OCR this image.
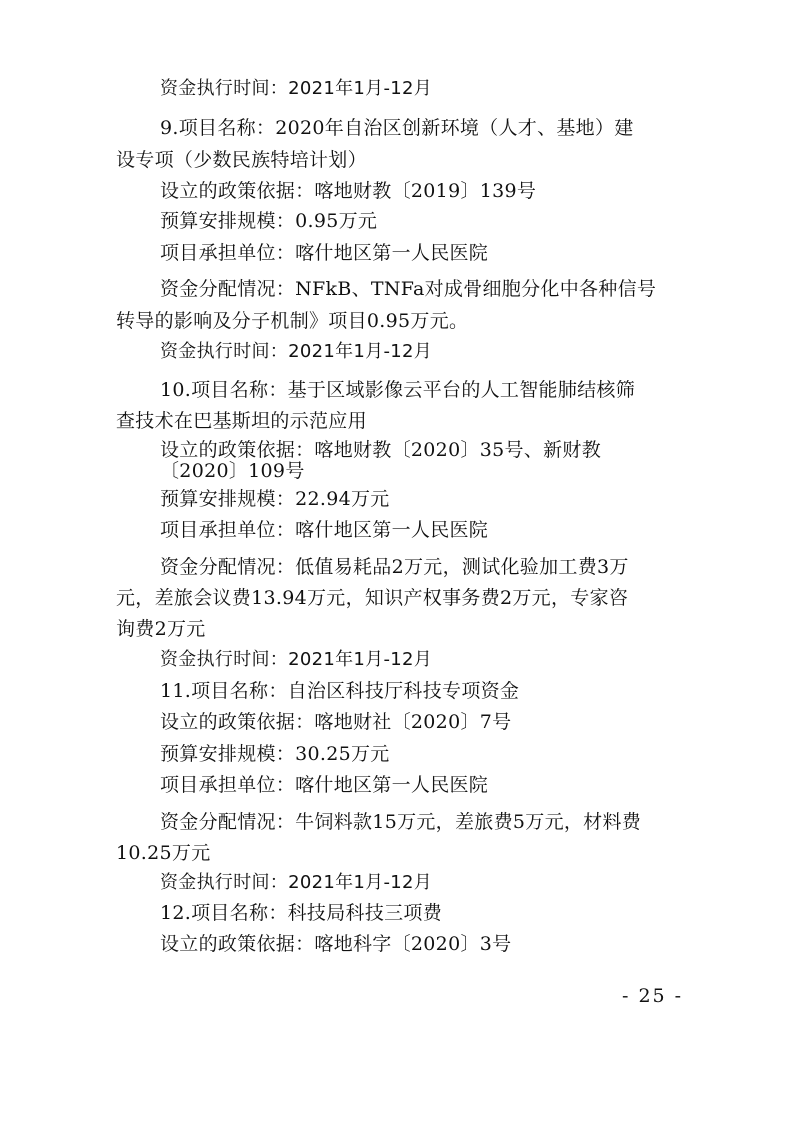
资金执行时间：2021年1月-12月

9.项目名称：2020年自治区创新环境（人才、基地）建

设专项（少数民族特培计划）

设立的政策依据：喀地财教〔2019〕139号

预算安排规模：0.95万元

项目承担单位：喀什地区第一人民医院

资金分配情况：NFkB、TNFa对成骨细胞分化中各种信号

转导的影响及分子机制》项目0.95万元。

资金执行时间：2021年1月-12月

10.项目名称：基于区域影像云平台的人工智能肺结核筛

查技术在巴基斯坦的示范应用

设立的政策依据：喀地财教〔2020〕35号、新财教

〔2020〕109号

预算安排规模：22.94万元

项目承担单位：喀什地区第一人民医院

资金分配情况：低值易耗品2万元，测试化验加工费3万

元，差旅会议费13.94万元，知识产权事务费2万元，专家咨

询费2万元

资金执行时间：2021年1月-12月

11.项目名称：自治区科技厅科技专项资金

设立的政策依据：喀地财社〔2020〕7号

预算安排规模：30.25万元

项目承担单位：喀什地区第一人民医院

资金分配情况：牛饲料款15万元，差旅费5万元，材料费

10.25万元

资金执行时间：2021年1月-12月

12.项目名称：科技局科技三项费

设立的政策依据：喀地科字〔2020〕3号

- 25 -
